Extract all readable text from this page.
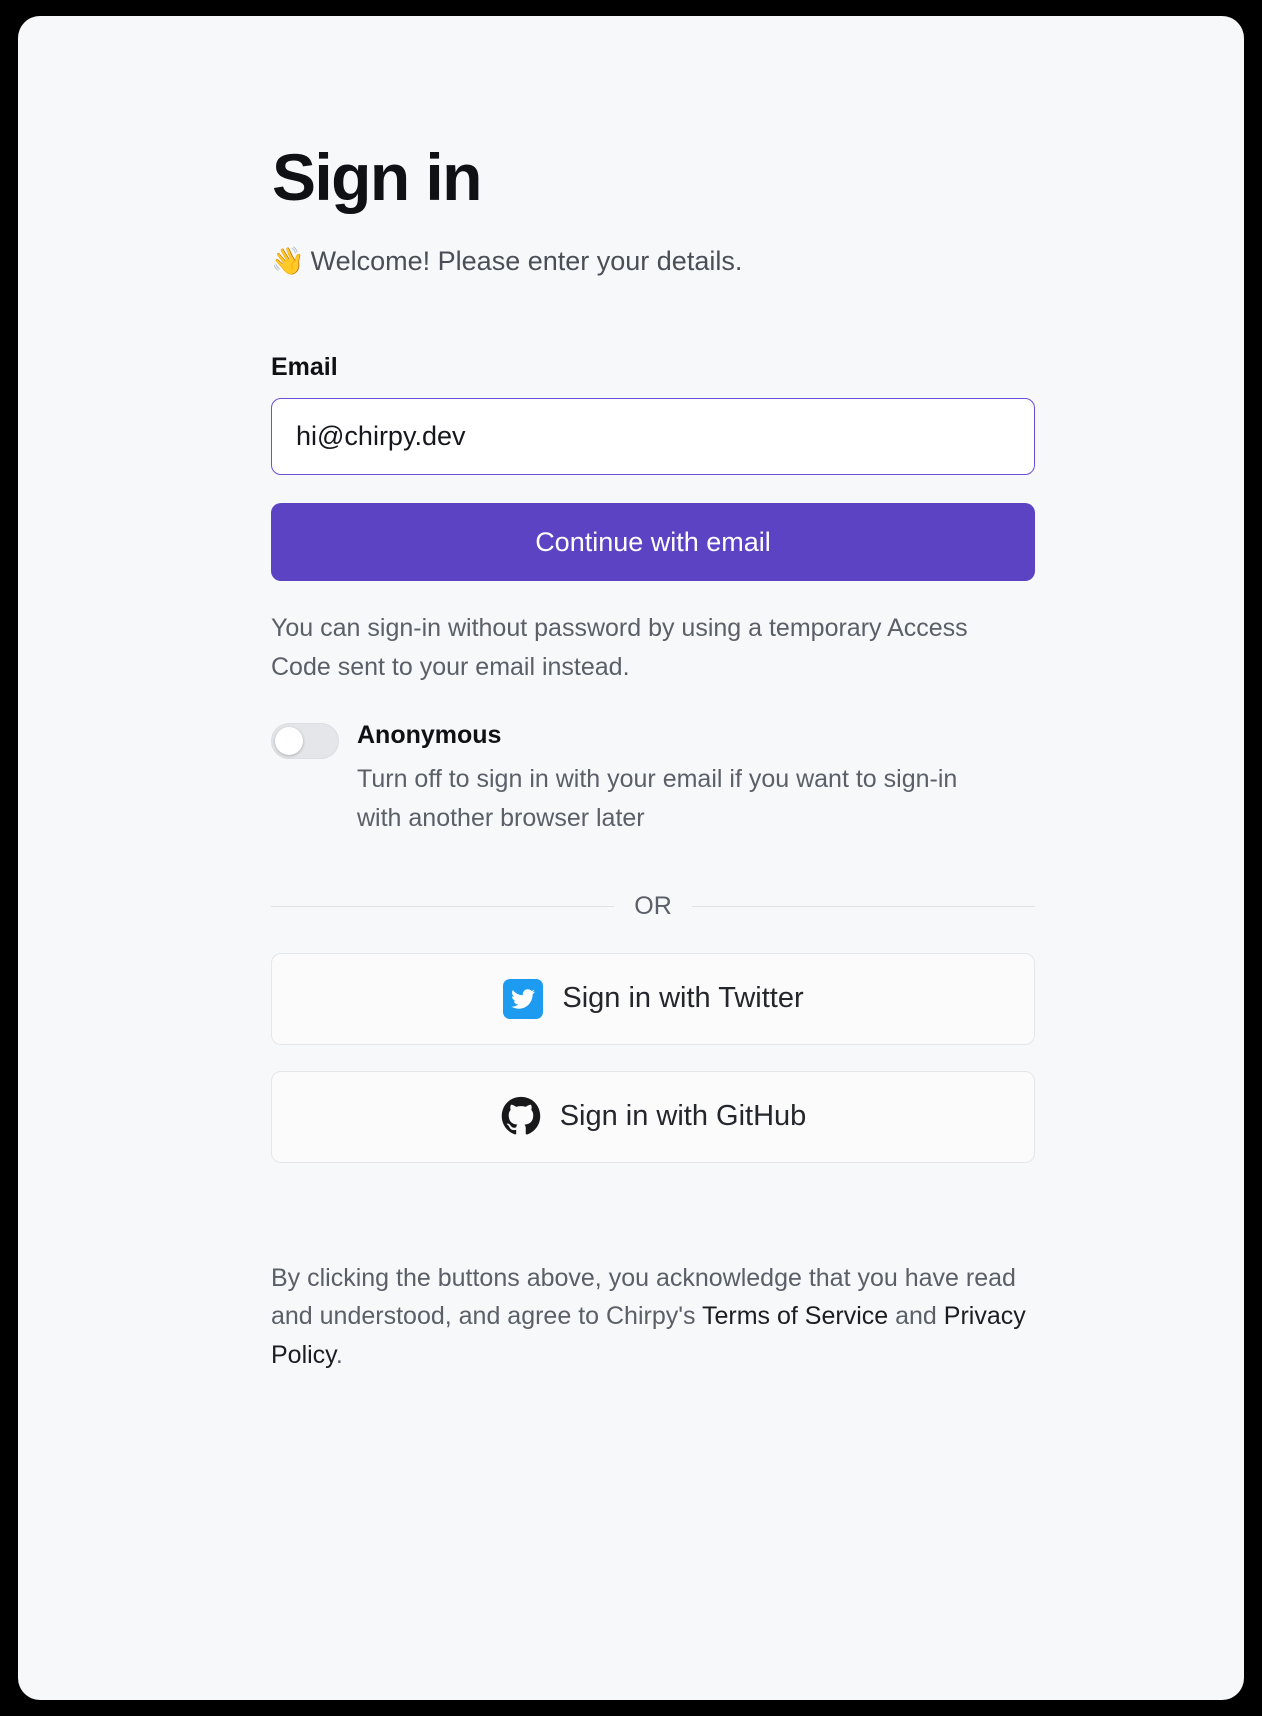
Sign in
👋 Welcome! Please enter your details.
Email
hi@chirpy.dev
Continue with email
You can sign-in without password by using a temporary Access Code sent to your email instead.
Anonymous
Turn off to sign in with your email if you want to sign-in with another browser later
OR
Sign in with Twitter
Sign in with GitHub
By clicking the buttons above, you acknowledge that you have read and understood, and agree to Chirpy's Terms of Service and Privacy Policy.
